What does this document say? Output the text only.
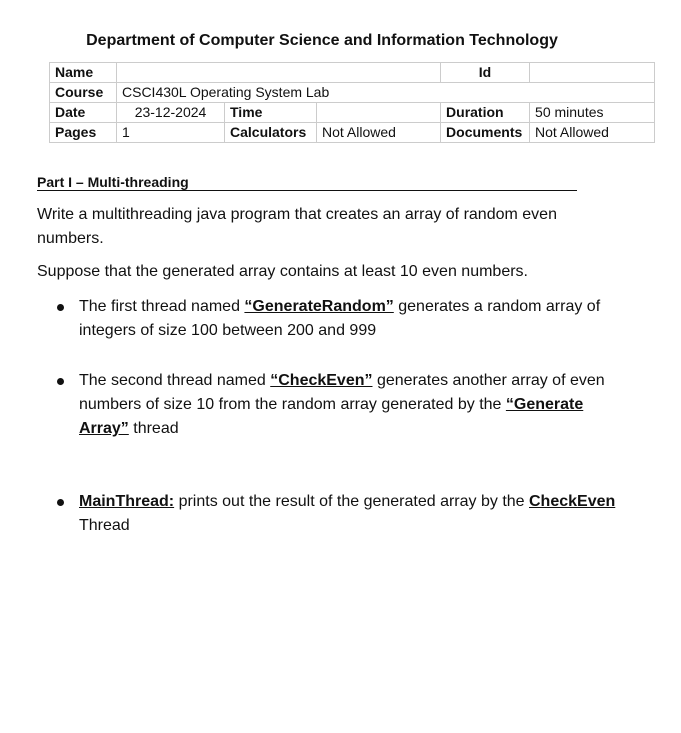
Department of Computer Science and Information Technology
Name				Id	
Course	CSCI430L Operating System Lab				
Date	23-12-2024	Time		Duration	50 minutes
Pages	1	Calculators	Not Allowed	Documents	Not Allowed
Part I – Multi-threading
Write a multithreading java program that creates an array of random even numbers.
Suppose that the generated array contains at least 10 even numbers.
The first thread named “GenerateRandom” generates a random array of integers of size 100 between 200 and 999
The second thread named “CheckEven” generates another array of even numbers of size 10 from the random array generated by the “Generate Array” thread
MainThread: prints out the result of the generated array by the CheckEven Thread
